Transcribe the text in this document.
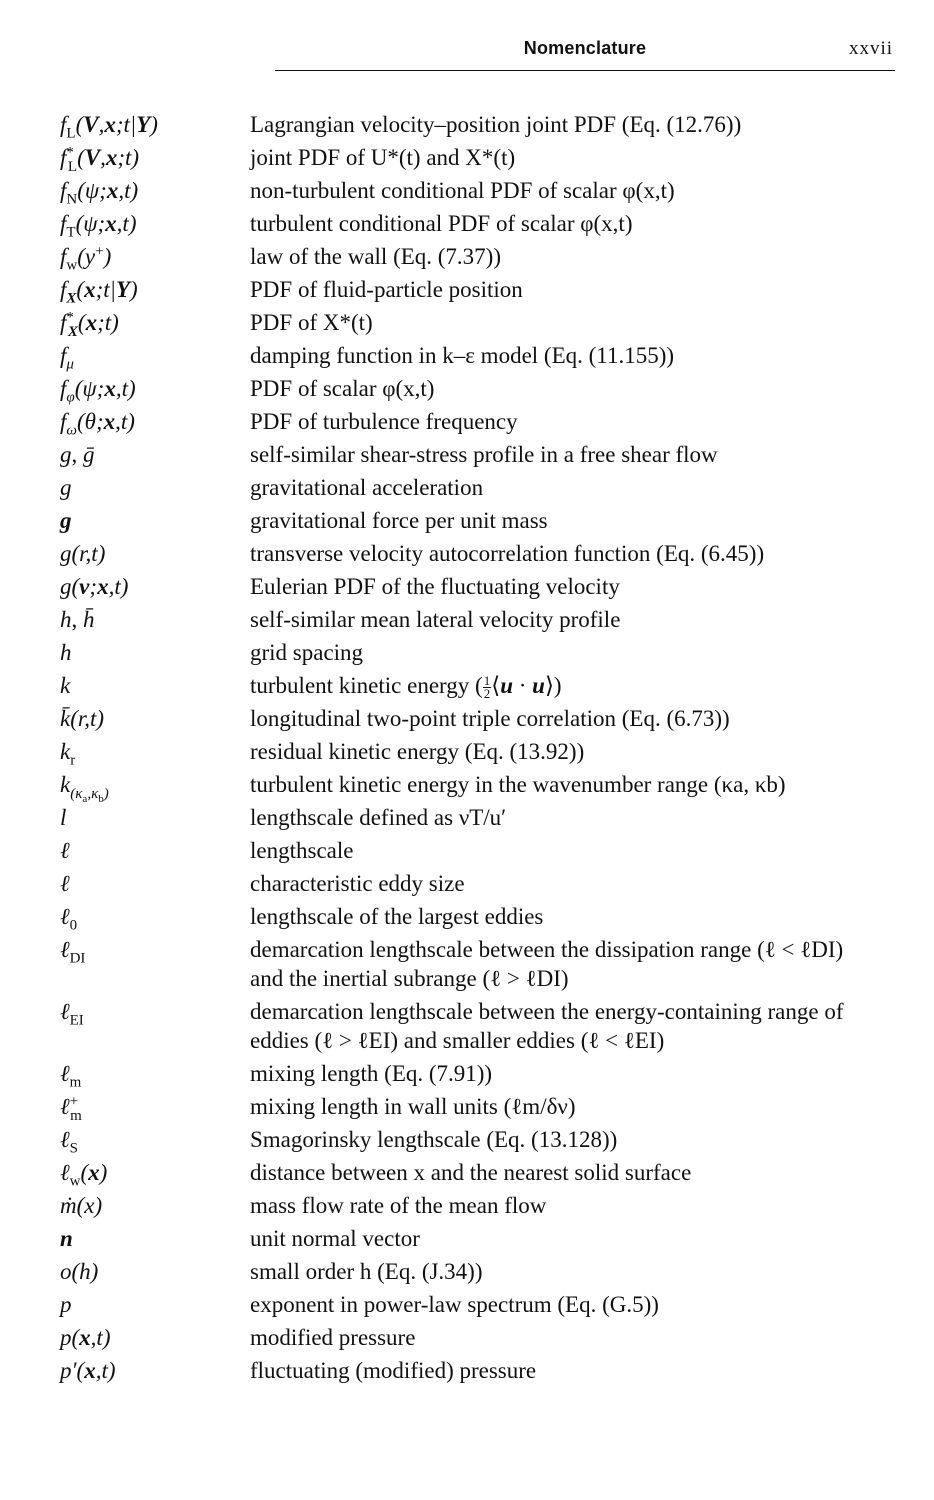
Nomenclature	xxvii
$f_L(V,x;t|Y)$	Lagrangian velocity–position joint PDF (Eq. (12.76))
$f^*_L(V,x;t)$	joint PDF of U*(t) and X*(t)
$f_N(\psi;x,t)$	non-turbulent conditional PDF of scalar φ(x,t)
$f_T(\psi;x,t)$	turbulent conditional PDF of scalar φ(x,t)
$f_w(y^+)$	law of the wall (Eq. (7.37))
$f_X(x;t|Y)$	PDF of fluid-particle position
$f^*_X(x;t)$	PDF of X*(t)
$f_\mu$	damping function in k–ε model (Eq. (11.155))
$f_\varphi(\psi;x,t)$	PDF of scalar φ(x,t)
$f_\omega(\theta;x,t)$	PDF of turbulence frequency
g, ḡ	self-similar shear-stress profile in a free shear flow
g	gravitational acceleration
g	gravitational force per unit mass
g(r,t)	transverse velocity autocorrelation function (Eq. (6.45))
g(v;x,t)	Eulerian PDF of the fluctuating velocity
h, h̄	self-similar mean lateral velocity profile
h	grid spacing
k	turbulent kinetic energy ( $\frac{1}{2}$ ⟨u · u⟩)
k̄(r,t)	longitudinal two-point triple correlation (Eq. (6.73))
$k_r$	residual kinetic energy (Eq. (13.92))
$k_{(\kappa_a,\kappa_b)}$	turbulent kinetic energy in the wavenumber range (κa, κb)
l	lengthscale defined as νT/u′
ℓ	lengthscale
ℓ	characteristic eddy size
ℓ$_0$	lengthscale of the largest eddies
ℓ$_{DI}$	demarcation lengthscale between the dissipation range (ℓ < ℓDI) and the inertial subrange (ℓ > ℓDI)
ℓ$_{EI}$	demarcation lengthscale between the energy-containing range of eddies (ℓ > ℓEI) and smaller eddies (ℓ < ℓEI)
ℓ$_m$	mixing length (Eq. (7.91))
ℓ+$_m$	mixing length in wall units (ℓm/δν)
ℓ$_S$	Smagorinsky lengthscale (Eq. (13.128))
ℓ$_w$(x)	distance between x and the nearest solid surface
ṁ(x)	mass flow rate of the mean flow
n	unit normal vector
o(h)	small order h (Eq. (J.34))
p	exponent in power-law spectrum (Eq. (G.5))
p(x,t)	modified pressure
p′(x,t)	fluctuating (modified) pressure
